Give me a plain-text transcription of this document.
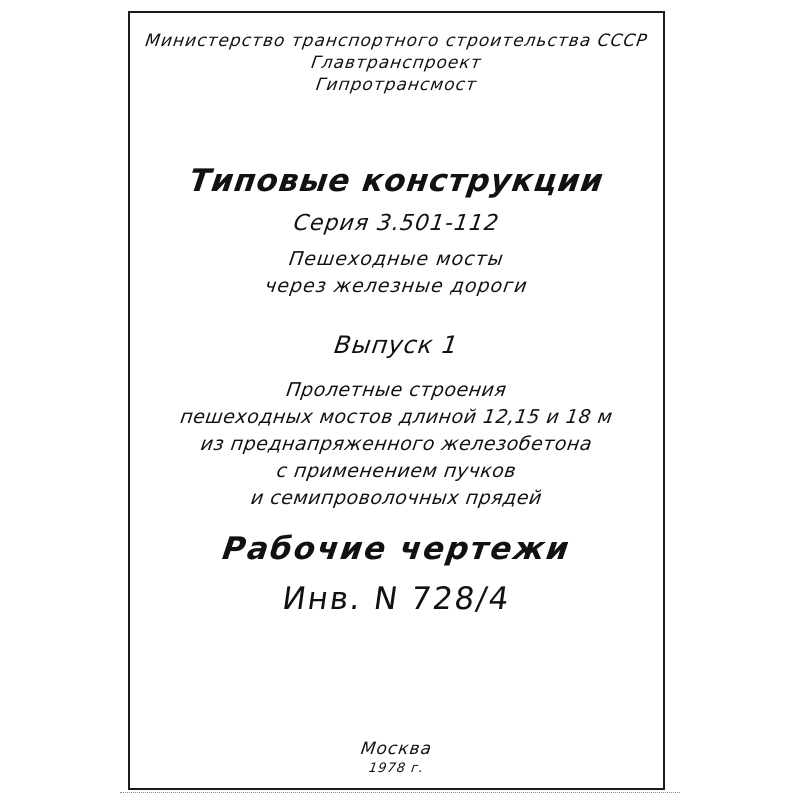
Министерство транспортного строительства СССР
Главтранспроект
Гипротрансмост
Типовые конструкции
Серия 3.501-112
Пешеходные мосты
через железные дороги
Выпуск 1
Пролетные строения
пешеходных мостов длиной 12,15 и 18 м
из преднапряженного железобетона
с применением пучков
и семипроволочных прядей
Рабочие чертежи
Инв. N 728/4
Москва
1978 г.
